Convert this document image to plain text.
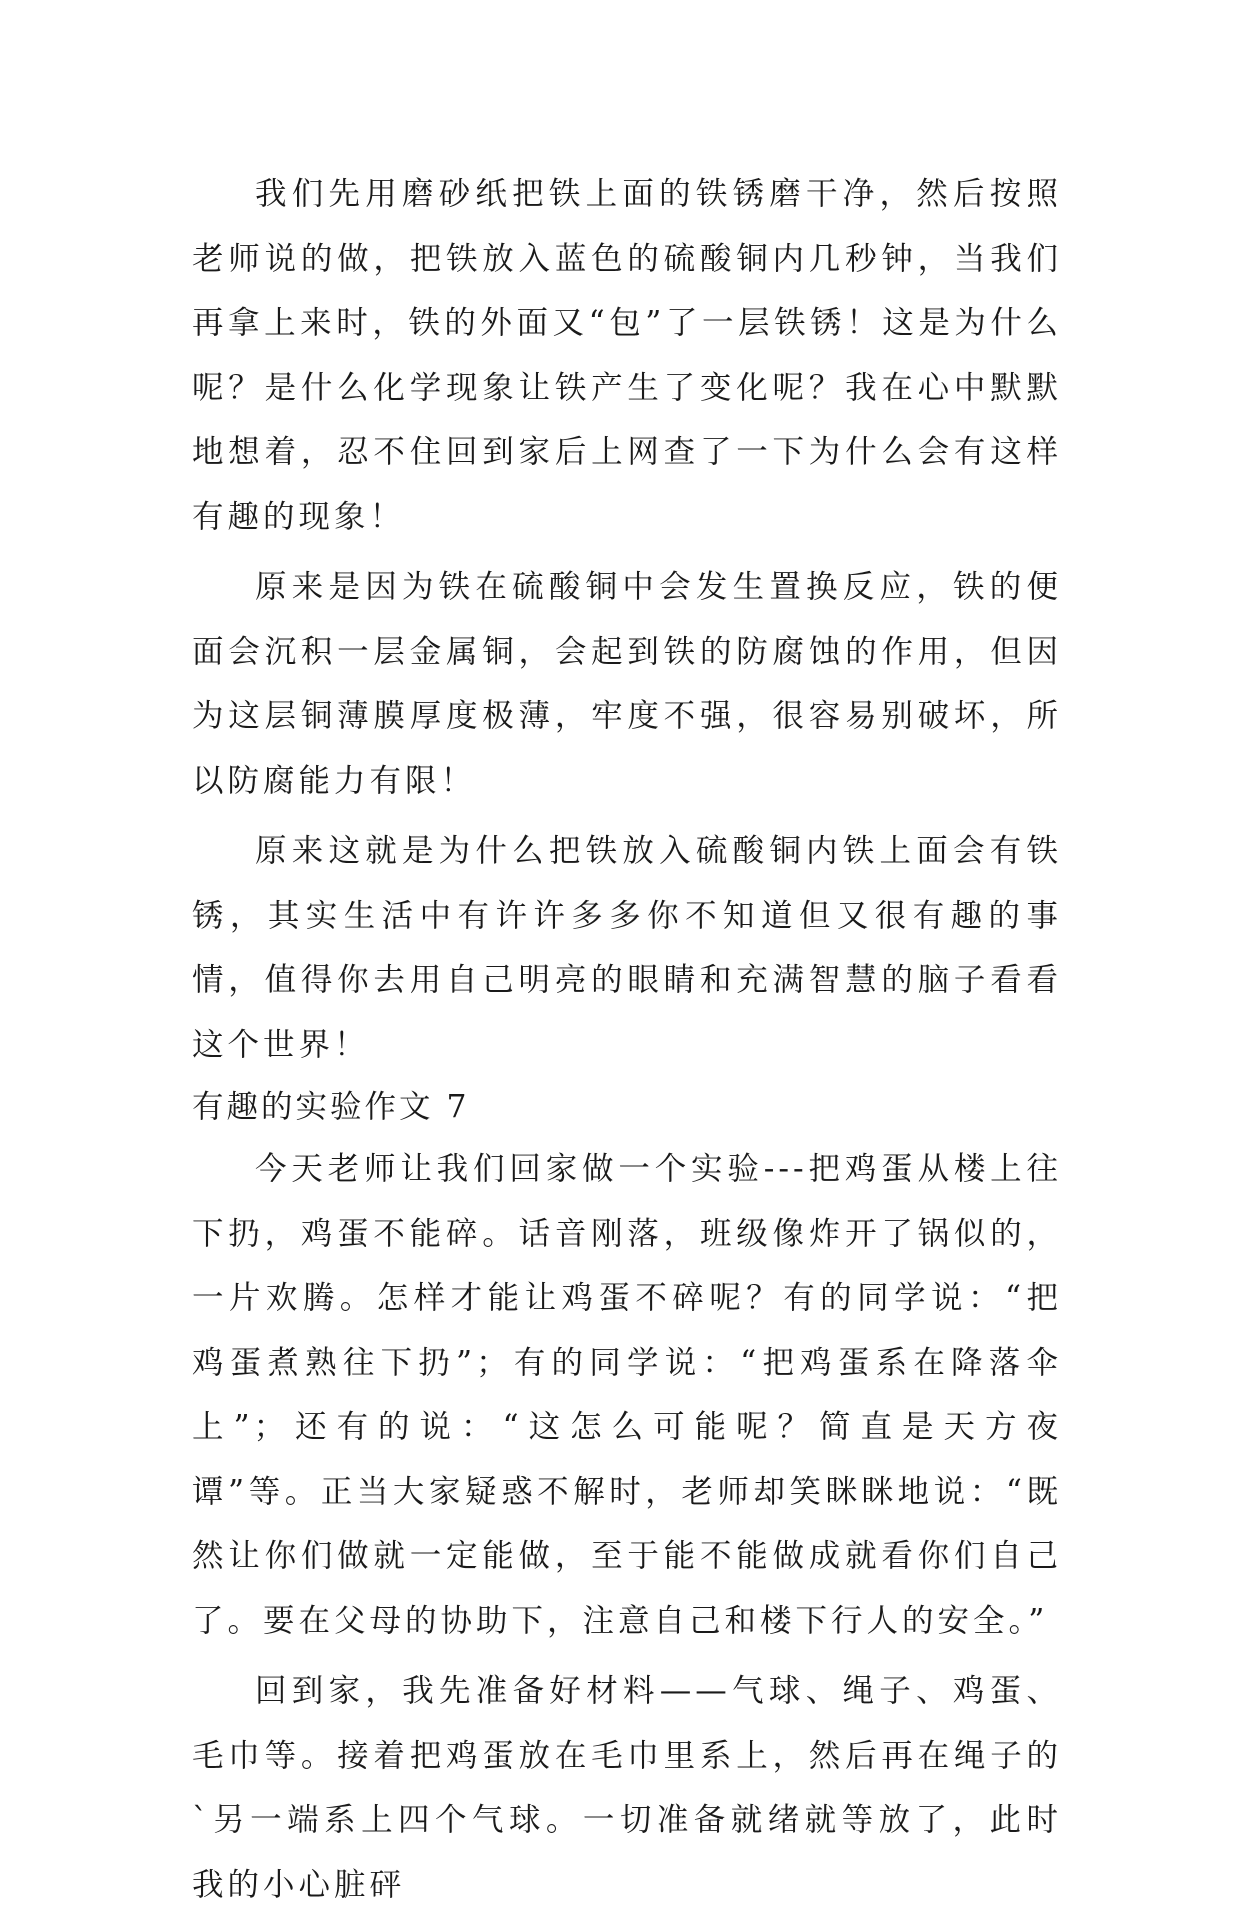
我们先用磨砂纸把铁上面的铁锈磨干净，然后按照老师说的做，把铁放入蓝色的硫酸铜内几秒钟，当我们再拿上来时，铁的外面又“包”了一层铁锈！这是为什么呢？是什么化学现象让铁产生了变化呢？我在心中默默地想着，忍不住回到家后上网查了一下为什么会有这样有趣的现象！

原来是因为铁在硫酸铜中会发生置换反应，铁的便面会沉积一层金属铜，会起到铁的防腐蚀的作用，但因为这层铜薄膜厚度极薄，牢度不强，很容易别破坏，所以防腐能力有限！

原来这就是为什么把铁放入硫酸铜内铁上面会有铁锈，其实生活中有许许多多你不知道但又很有趣的事情，值得你去用自己明亮的眼睛和充满智慧的脑子看看这个世界！

有趣的实验作文 7

今天老师让我们回家做一个实验---把鸡蛋从楼上往下扔，鸡蛋不能碎。话音刚落，班级像炸开了锅似的，一片欢腾。怎样才能让鸡蛋不碎呢？有的同学说：“把鸡蛋煮熟往下扔”；有的同学说：“把鸡蛋系在降落伞上”；还有的说：“这怎么可能呢？简直是天方夜谭”等。正当大家疑惑不解时，老师却笑眯眯地说：“既然让你们做就一定能做，至于能不能做成就看你们自己了。要在父母的协助下，注意自己和楼下行人的安全。”

回到家，我先准备好材料——气球、绳子、鸡蛋、毛巾等。接着把鸡蛋放在毛巾里系上，然后再在绳子的`另一端系上四个气球。一切准备就绪就等放了，此时我的小心脏砰
